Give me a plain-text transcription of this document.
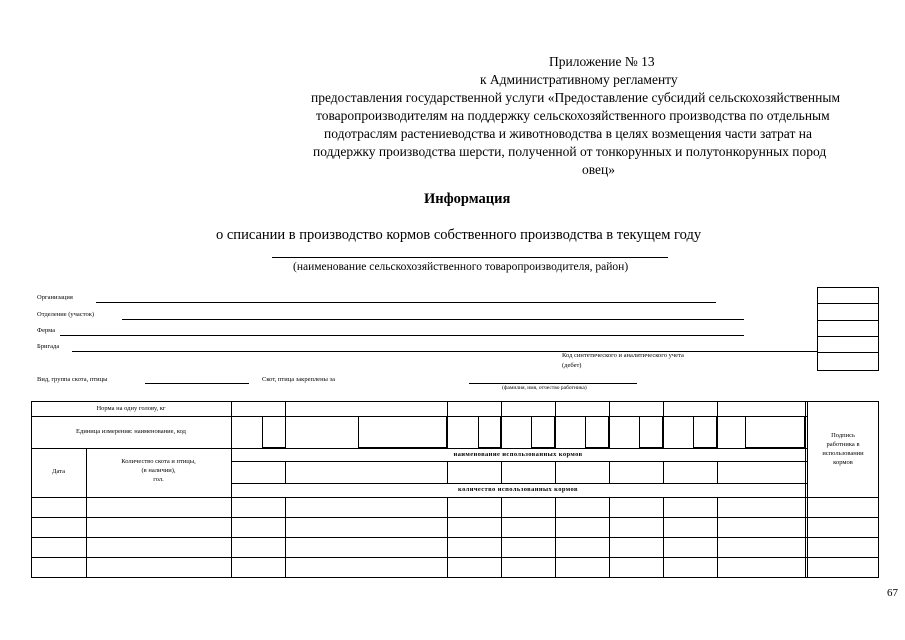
Приложение № 13
к Административному регламенту
предоставления государственной услуги «Предоставление субсидий сельскохозяйственным
товаропроизводителям на поддержку сельскохозяйственного производства по отдельным
подотраслям растениеводства и животноводства в целях возмещения части затрат на
поддержку производства шерсти, полученной от тонкорунных и полутонкорунных пород
овец»
Информация
о списании в производство кормов собственного производства в текущем году
(наименование сельскохозяйственного товаропроизводителя, район)
Организация
Отделение (участок)
Ферма
Бригада
Код синтетического и аналитического учета
(дебет)
Вид, группа скота, птицы	Скот, птица закреплены за
(фамилия, имя, отчество работника)
Норма на одну голову, кг
Единица измерения: наименование, код
Дата
Количество скота и птицы,
(в наличии),
гол.
наименование использованных кормов
количество использованных кормов
Подпись
работника в
использовании
кормов
67
